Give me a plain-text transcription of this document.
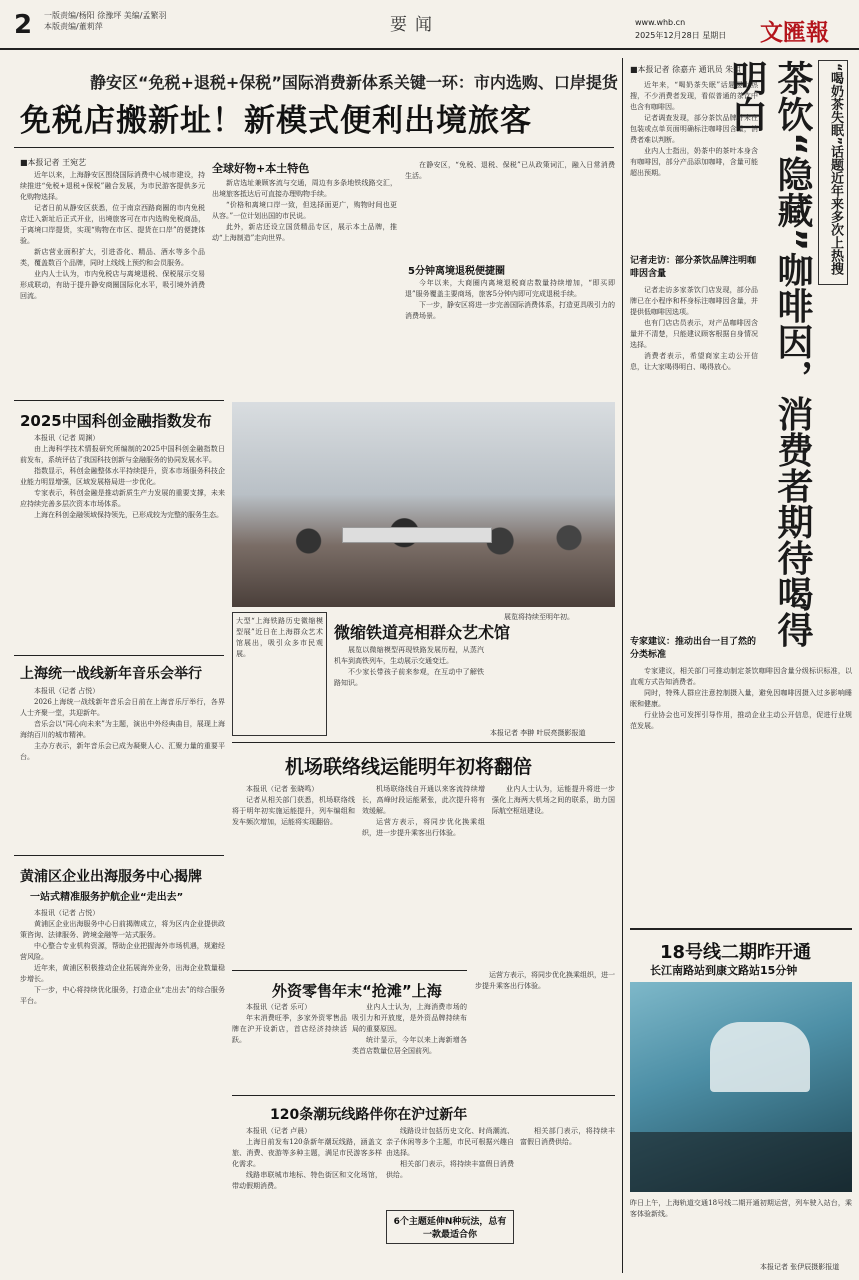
2 一版责编/杨阳 徐豫坪 美编/孟繁羽
本版责编/董莉萍	要闻	www.whb.cn
2025年12月28日 星期日 文匯報
静安区“免税+退税+保税”国际消费新体系关键一环：市内选购、口岸提货
免税店搬新址！新模式便利出境旅客
■本报记者 王宛艺

近年以来，上海静安区围绕国际消费中心城市建设，持续推进“免税+退税+保税”融合发展，为市民游客提供多元化购物选择。

记者日前从静安区获悉，位于南京西路商圈的市内免税店迁入新址后正式开业，出境旅客可在市内选购免税商品，于离境口岸提货，实现“购物在市区、提货在口岸”的便捷体验。

新店营业面积扩大，引进香化、精品、酒水等多个品类，覆盖数百个品牌，同时上线线上预约和会员服务。

业内人士认为，市内免税店与离境退税、保税展示交易形成联动，有助于提升静安商圈国际化水平，吸引境外消费回流。

全球好物+本土特色

新店选址兼顾客流与交通，周边有多条地铁线路交汇，出境旅客抵达后可直接办理购物手续。

“价格和离境口岸一致，但选择面更广，购物时间也更从容。”一位计划出国的市民说。

此外，新店还设立国货精品专区，展示本土品牌，推动“上海制造”走向世界。

5分钟离境退税便捷圈

在静安区，“免税、退税、保税”已从政策词汇，融入日常消费生活。

今年以来，大商圈内离境退税商店数量持续增加，“即买即退”服务覆盖主要商场，旅客5分钟内即可完成退税手续。

下一步，静安区将进一步完善国际消费体系，打造更具吸引力的消费场景。

2025中国科创金融指数发布

本报讯（记者 周渊）

由上海科学技术情报研究所编制的2025中国科创金融指数日前发布，系统评估了我国科技创新与金融服务的协同发展水平。

指数显示，科创金融整体水平持续提升，资本市场服务科技企业能力明显增强，区域发展格局进一步优化。

专家表示，科创金融是推动新质生产力发展的重要支撑，未来应持续完善多层次资本市场体系。

上海在科创金融领域保持领先，已形成较为完整的服务生态。

上海统一战线新年音乐会举行

本报讯（记者 占悦）

2026上海统一战线新年音乐会日前在上海音乐厅举行，各界人士齐聚一堂，共迎新年。

音乐会以“同心向未来”为主题，演出中外经典曲目，展现上海海纳百川的城市精神。

主办方表示，新年音乐会已成为凝聚人心、汇聚力量的重要平台。

大型“上海铁路历史微缩模型展”近日在上海群众艺术馆展出，吸引众多市民观展。
微缩铁道亮相群众艺术馆

展览以微缩模型再现铁路发展历程，从蒸汽机车到高铁列车，生动展示交通变迁。

不少家长带孩子前来参观，在互动中了解铁路知识。

展览将持续至明年初。

本报记者 李翀 叶辰亮摄影报道
机场联络线运能明年初将翻倍

本报讯（记者 张晓鸣）

记者从相关部门获悉，机场联络线将于明年初实施运能提升，列车编组和发车频次增加，运能将实现翻倍。

机场联络线自开通以来客流持续增长，高峰时段运能紧张，此次提升将有效缓解。

运营方表示，将同步优化换乘组织，进一步提升乘客出行体验。

业内人士认为，运能提升将进一步强化上海两大机场之间的联系，助力国际航空枢纽建设。

黄浦区企业出海服务中心揭牌
一站式精准服务护航企业“走出去”

本报讯（记者 占悦）

黄浦区企业出海服务中心日前揭牌成立，将为区内企业提供政策咨询、法律服务、跨境金融等一站式服务。

中心整合专业机构资源，帮助企业把握海外市场机遇，规避经营风险。

近年来，黄浦区积极推动企业拓展海外业务，出海企业数量稳步增长。

下一步，中心将持续优化服务，打造企业“走出去”的综合服务平台。

外资零售年末“抢滩”上海

本报讯（记者 乐可）

年末消费旺季，多家外资零售品牌在沪开设新店，首店经济持续活跃。

业内人士认为，上海消费市场的吸引力和开放度，是外资品牌持续布局的重要原因。

统计显示，今年以来上海新增各类首店数量位居全国前列。

120条潮玩线路伴你在沪过新年

本报讯（记者 卢晨）

上海日前发布120条新年潮玩线路，涵盖文旅、消费、夜游等多种主题，满足市民游客多样化需求。

线路串联城市地标、特色街区和文化场馆，带动假期消费。

6个主题延伸N种玩法，总有一款最适合你

线路设计包括历史文化、时尚潮流、亲子休闲等多个主题，市民可根据兴趣自由选择。

相关部门表示，将持续丰富假日消费供给。

运营方表示，将同步优化换乘组织，进一步提升乘客出行体验。

相关部门表示，将持续丰富假日消费供给。

■本报记者 徐嘉卉 通讯员 朱姐	“喝奶茶失眠”话题近年来多次上热搜
茶饮“隐藏”咖啡因，消费者期待喝得明白

近年来，“喝奶茶失眠”话题屡上热搜，不少消费者发现，看似普通的茶饮中也含有咖啡因。

记者调查发现，部分茶饮品牌并未在包装或点单页面明确标注咖啡因含量，消费者难以判断。

业内人士指出，奶茶中的茶叶本身含有咖啡因，部分产品添加咖啡，含量可能超出预期。

记者走访：部分茶饮品牌注明咖啡因含量

记者走访多家茶饮门店发现，部分品牌已在小程序和杯身标注咖啡因含量，并提供低咖啡因选项。

也有门店店员表示，对产品咖啡因含量并不清楚，只能建议顾客根据自身情况选择。

消费者表示，希望商家主动公开信息，让大家喝得明白、喝得放心。

专家建议：推动出台一目了然的分类标准

专家建议，相关部门可推动制定茶饮咖啡因含量分级标识标准，以直观方式告知消费者。

同时，特殊人群应注意控制摄入量，避免因咖啡因摄入过多影响睡眠和健康。

行业协会也可发挥引导作用，推动企业主动公开信息，促进行业规范发展。

18号线二期昨开通
长江南路站到康文路站15分钟
昨日上午，上海轨道交通18号线二期开通初期运营，列车驶入站台，乘客体验新线。
本报记者 张伊辰摄影报道
